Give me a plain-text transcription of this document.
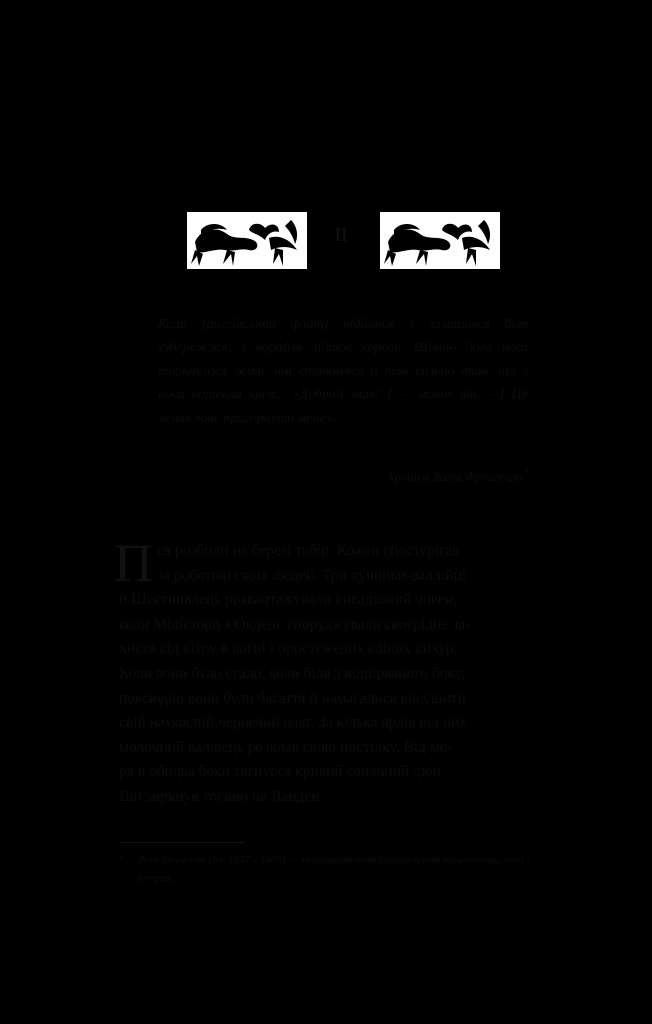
ІІ
Коли [англійський флот] відійшов і залишився біля узбережжя, з корабля зійшов король. Щойно його нога торкнулася землі, він спіткнувся й так сильно впав, що з носа потекла кров... «Добрий знак! [ — мовив він. —] Ця земля хоче пригорнути мене».
Хроніка Жана Фруассара*
П ся розбили на березі табір. Кожен спостерігав
за роботою своїх людей. Три лучники-валлійці
й Шестипалець розвантажували висадковий човен,
коли Мілісторп з Окденс споруджували своєрідне за-
хистя від вітру в вогні і простежених сліпих вихур.
Коли вони було стало, коли біля з відпірваного боку,
повсюдно вони були багаття й намагалися висушити
свій намоклий чернечий одяг. За кілька ярдів від них
молочний валлієць розклав свою постілку. Від мо-
ря в обидва боки тягнувся кривий сонячний дюн.
Він зиркнув тоскно на Ланден.
* Жан Фруассар (бл. 1337—1405) — середньовічний французький письменник, поет і історик.
.
